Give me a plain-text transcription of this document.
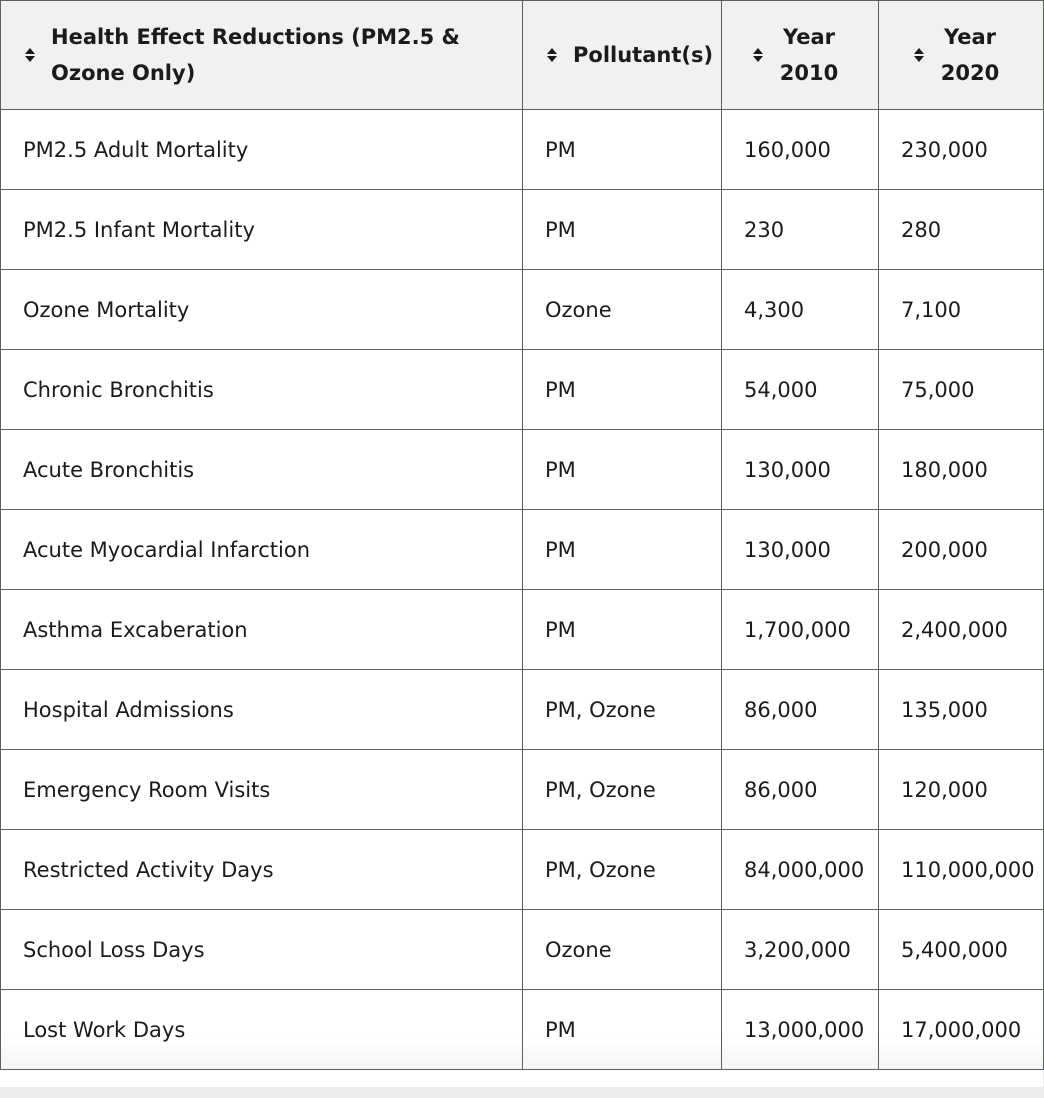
Health Effect Reductions (PM2.5 & Ozone Only)	Pollutant(s)	Year 2010	Year 2020

PM2.5 Adult Mortality	PM	160,000	230,000
PM2.5 Infant Mortality	PM	230	280
Ozone Mortality	Ozone	4,300	7,100
Chronic Bronchitis	PM	54,000	75,000
Acute Bronchitis	PM	130,000	180,000
Acute Myocardial Infarction	PM	130,000	200,000
Asthma Excaberation	PM	1,700,000	2,400,000
Hospital Admissions	PM, Ozone	86,000	135,000
Emergency Room Visits	PM, Ozone	86,000	120,000
Restricted Activity Days	PM, Ozone	84,000,000	110,000,000
School Loss Days	Ozone	3,200,000	5,400,000
Lost Work Days	PM	13,000,000	17,000,000
